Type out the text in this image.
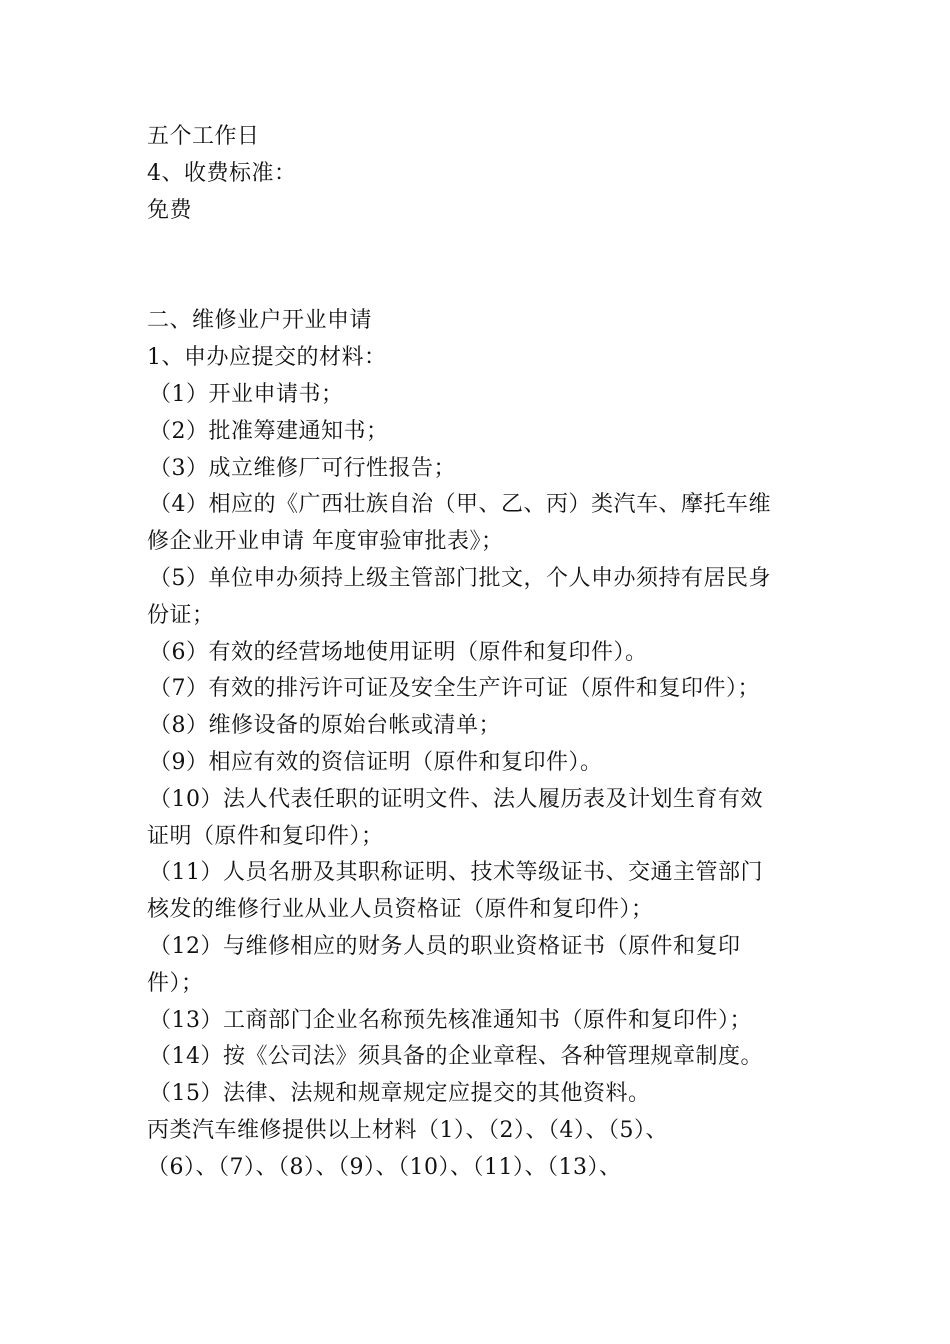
五个工作日
4、收费标准：
免费
二、维修业户开业申请
1、申办应提交的材料：
（1）开业申请书；
（2）批准筹建通知书；
（3）成立维修厂可行性报告；
（4）相应的《广西壮族自治（甲、乙、丙）类汽车、摩托车维
修企业开业申请 年度审验审批表》；
（5）单位申办须持上级主管部门批文，个人申办须持有居民身
份证；
（6）有效的经营场地使用证明（原件和复印件）。
（7）有效的排污许可证及安全生产许可证（原件和复印件）；
（8）维修设备的原始台帐或清单；
（9）相应有效的资信证明（原件和复印件）。
（10）法人代表任职的证明文件、法人履历表及计划生育有效
证明（原件和复印件）；
（11）人员名册及其职称证明、技术等级证书、交通主管部门
核发的维修行业从业人员资格证（原件和复印件）；
（12）与维修相应的财务人员的职业资格证书（原件和复印
件）；
（13）工商部门企业名称预先核准通知书（原件和复印件）；
（14）按《公司法》须具备的企业章程、各种管理规章制度。
（15）法律、法规和规章规定应提交的其他资料。
丙类汽车维修提供以上材料（1）、（2）、（4）、（5）、
（6）、（7）、（8）、（9）、（10）、（11）、（13）、
